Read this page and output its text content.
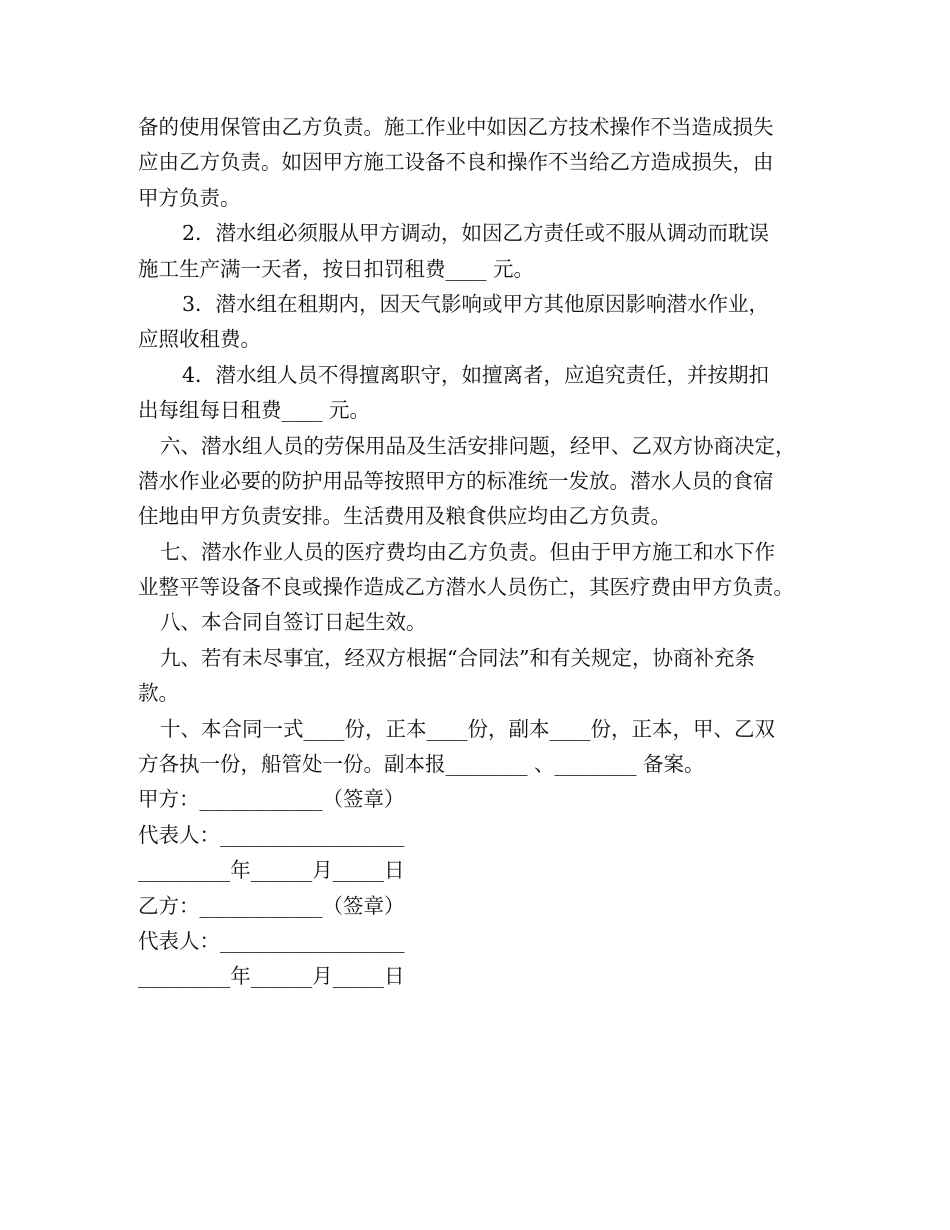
备的使用保管由乙方负责。施工作业中如因乙方技术操作不当造成损失
应由乙方负责。如因甲方施工设备不良和操作不当给乙方造成损失，由
甲方负责。
2．潜水组必须服从甲方调动，如因乙方责任或不服从调动而耽误
施工生产满一天者，按日扣罚租费____ 元。
3．潜水组在租期内，因天气影响或甲方其他原因影响潜水作业，
应照收租费。
4．潜水组人员不得擅离职守，如擅离者，应追究责任，并按期扣
出每组每日租费____ 元。
六、潜水组人员的劳保用品及生活安排问题，经甲、乙双方协商决定，
潜水作业必要的防护用品等按照甲方的标准统一发放。潜水人员的食宿
住地由甲方负责安排。生活费用及粮食供应均由乙方负责。
七、潜水作业人员的医疗费均由乙方负责。但由于甲方施工和水下作
业整平等设备不良或操作造成乙方潜水人员伤亡，其医疗费由甲方负责。
八、本合同自签订日起生效。
九、若有未尽事宜，经双方根据“合同法”和有关规定，协商补充条
款。
十、本合同一式____份，正本____份，副本____份，正本，甲、乙双
方各执一份，船管处一份。副本报________ 、________ 备案。
甲方：____________（签章）
代表人：__________________
_________年______月_____日
乙方：____________（签章）
代表人：__________________
_________年______月_____日
